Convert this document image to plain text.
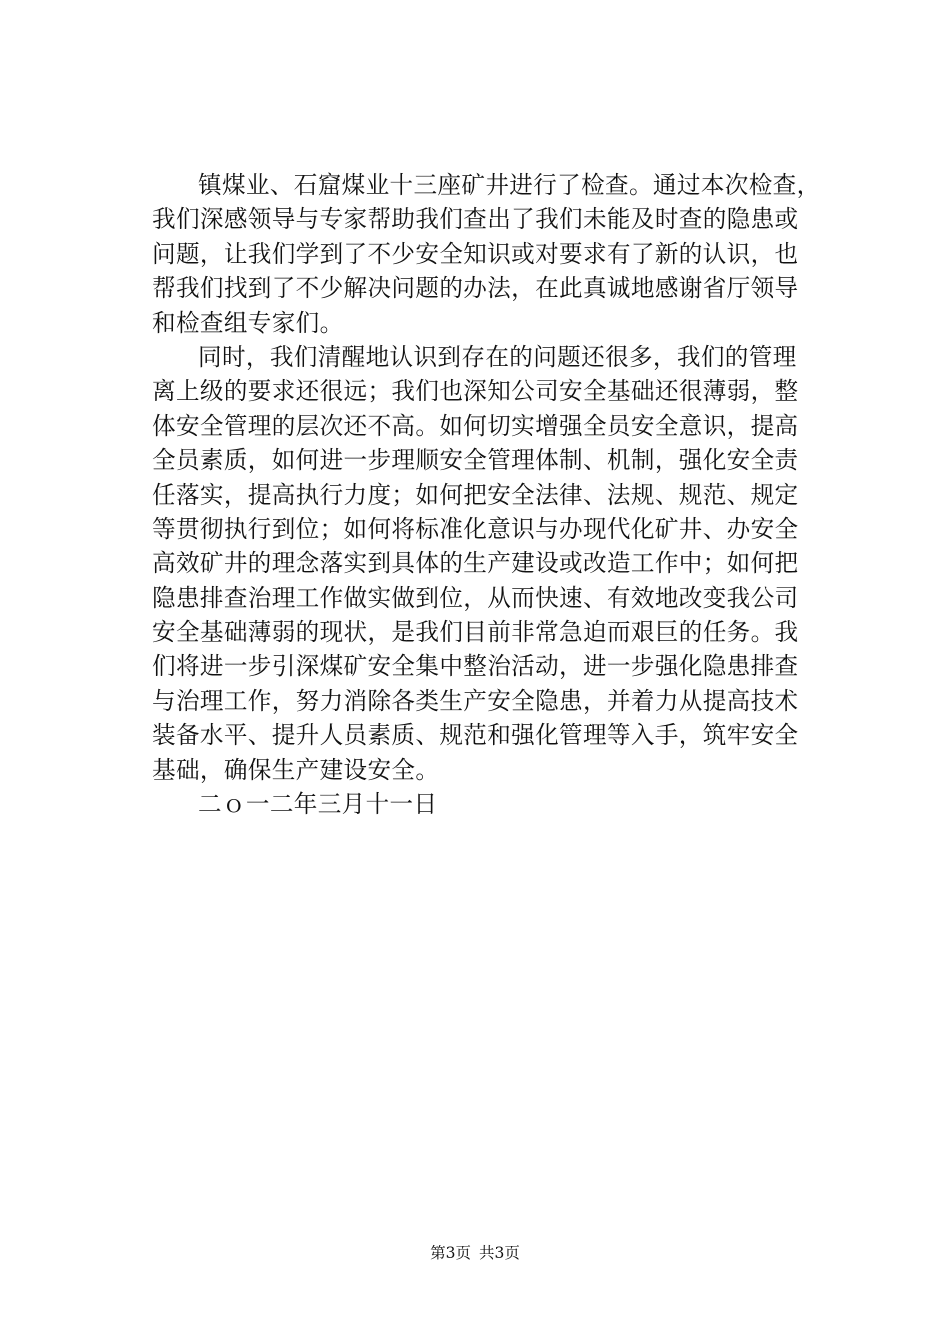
镇煤业、石窟煤业十三座矿井进行了检查。通过本次检查，
我们深感领导与专家帮助我们查出了我们未能及时查的隐患或
问题，让我们学到了不少安全知识或对要求有了新的认识，也
帮我们找到了不少解决问题的办法，在此真诚地感谢省厅领导
和检查组专家们。
同时，我们清醒地认识到存在的问题还很多，我们的管理
离上级的要求还很远；我们也深知公司安全基础还很薄弱，整
体安全管理的层次还不高。如何切实增强全员安全意识，提高
全员素质，如何进一步理顺安全管理体制、机制，强化安全责
任落实，提高执行力度；如何把安全法律、法规、规范、规定
等贯彻执行到位；如何将标准化意识与办现代化矿井、办安全
高效矿井的理念落实到具体的生产建设或改造工作中；如何把
隐患排查治理工作做实做到位，从而快速、有效地改变我公司
安全基础薄弱的现状，是我们目前非常急迫而艰巨的任务。我
们将进一步引深煤矿安全集中整治活动，进一步强化隐患排查
与治理工作，努力消除各类生产安全隐患，并着力从提高技术
装备水平、提升人员素质、规范和强化管理等入手，筑牢安全
基础，确保生产建设安全。
二ｏ一二年三月十一日
第3页 共3页
